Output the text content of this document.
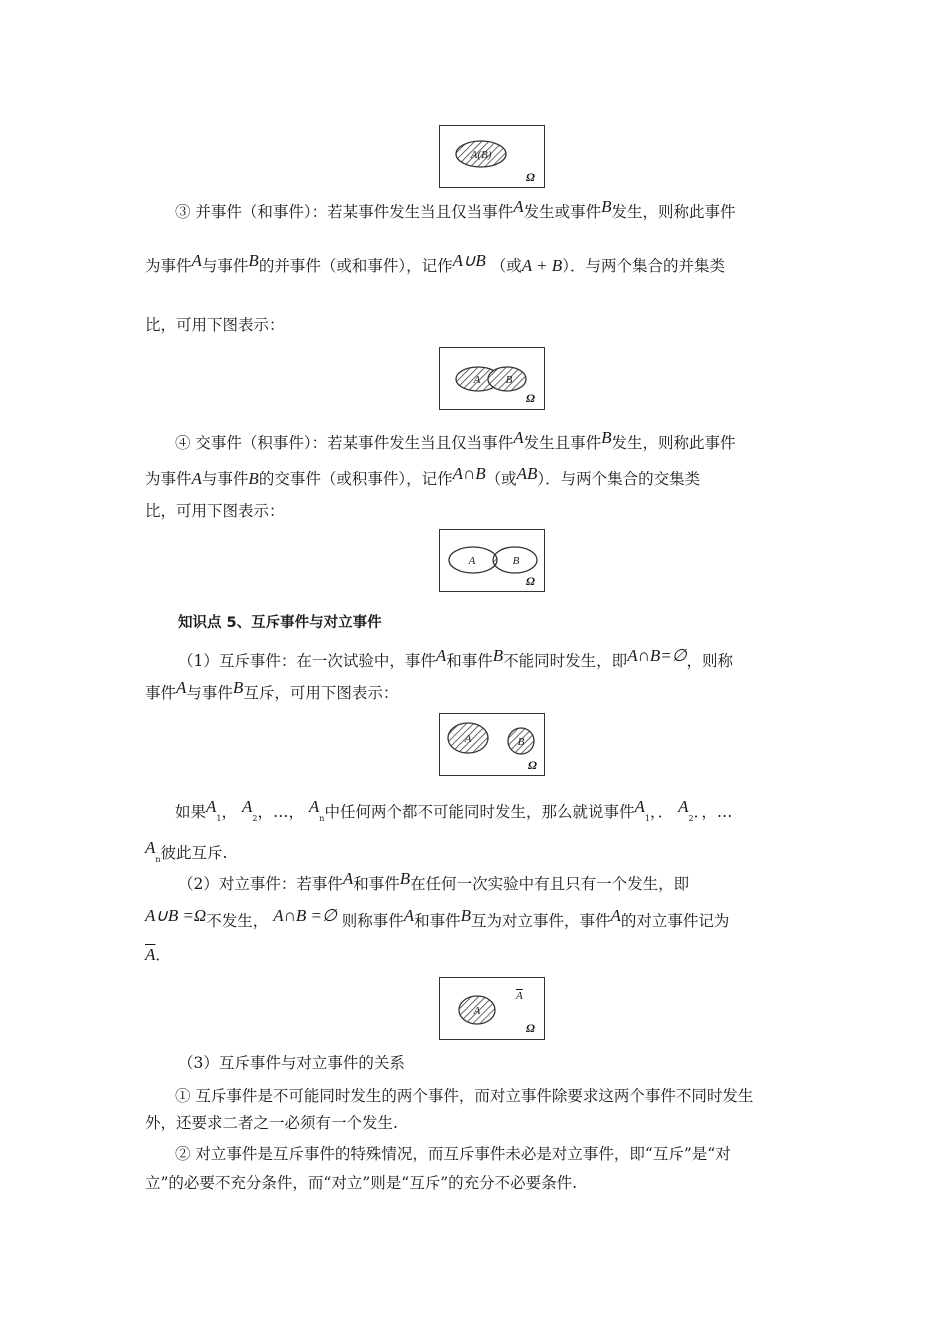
A(B)
Ω
③ 并事件（和事件）：若某事件发生当且仅当事件A发生或事件B发生，则称此事件
为事件A与事件B的并事件（或和事件），记作A∪B （或A + B）．与两个集合的并集类
比，可用下图表示：
A B
Ω
④ 交事件（积事件）：若某事件发生当且仅当事件A发生且事件B发生，则称此事件
为事件A与事件B的交事件（或积事件），记作A∩B（或AB）．与两个集合的交集类
比，可用下图表示：
A	B
Ω
知识点 5、互斥事件与对立事件
（1）互斥事件：在一次试验中，事件A和事件B不能同时发生，即A∩B=∅，则称
事件A与事件B互斥，可用下图表示：
A	B
Ω
如果$A_1$， $A_2$，…， $A_n$中任何两个都不可能同时发生，那么就说事件$A_1$，． $A_2$．，…
$A_n$彼此互斥.
（2）对立事件：若事件A和事件B在任何一次实验中有且只有一个发生，即
A∪B =Ω不发生， A∩B =∅ 则称事件A和事件B互为对立事件，事件A的对立事件记为
$\overline{A}$．
A
$\overline{A}$
Ω
（3）互斥事件与对立事件的关系
① 互斥事件是不可能同时发生的两个事件，而对立事件除要求这两个事件不同时发生
外，还要求二者之一必须有一个发生.
② 对立事件是互斥事件的特殊情况，而互斥事件未必是对立事件，即“互斥”是“对
立”的必要不充分条件，而“对立”则是“互斥”的充分不必要条件.
